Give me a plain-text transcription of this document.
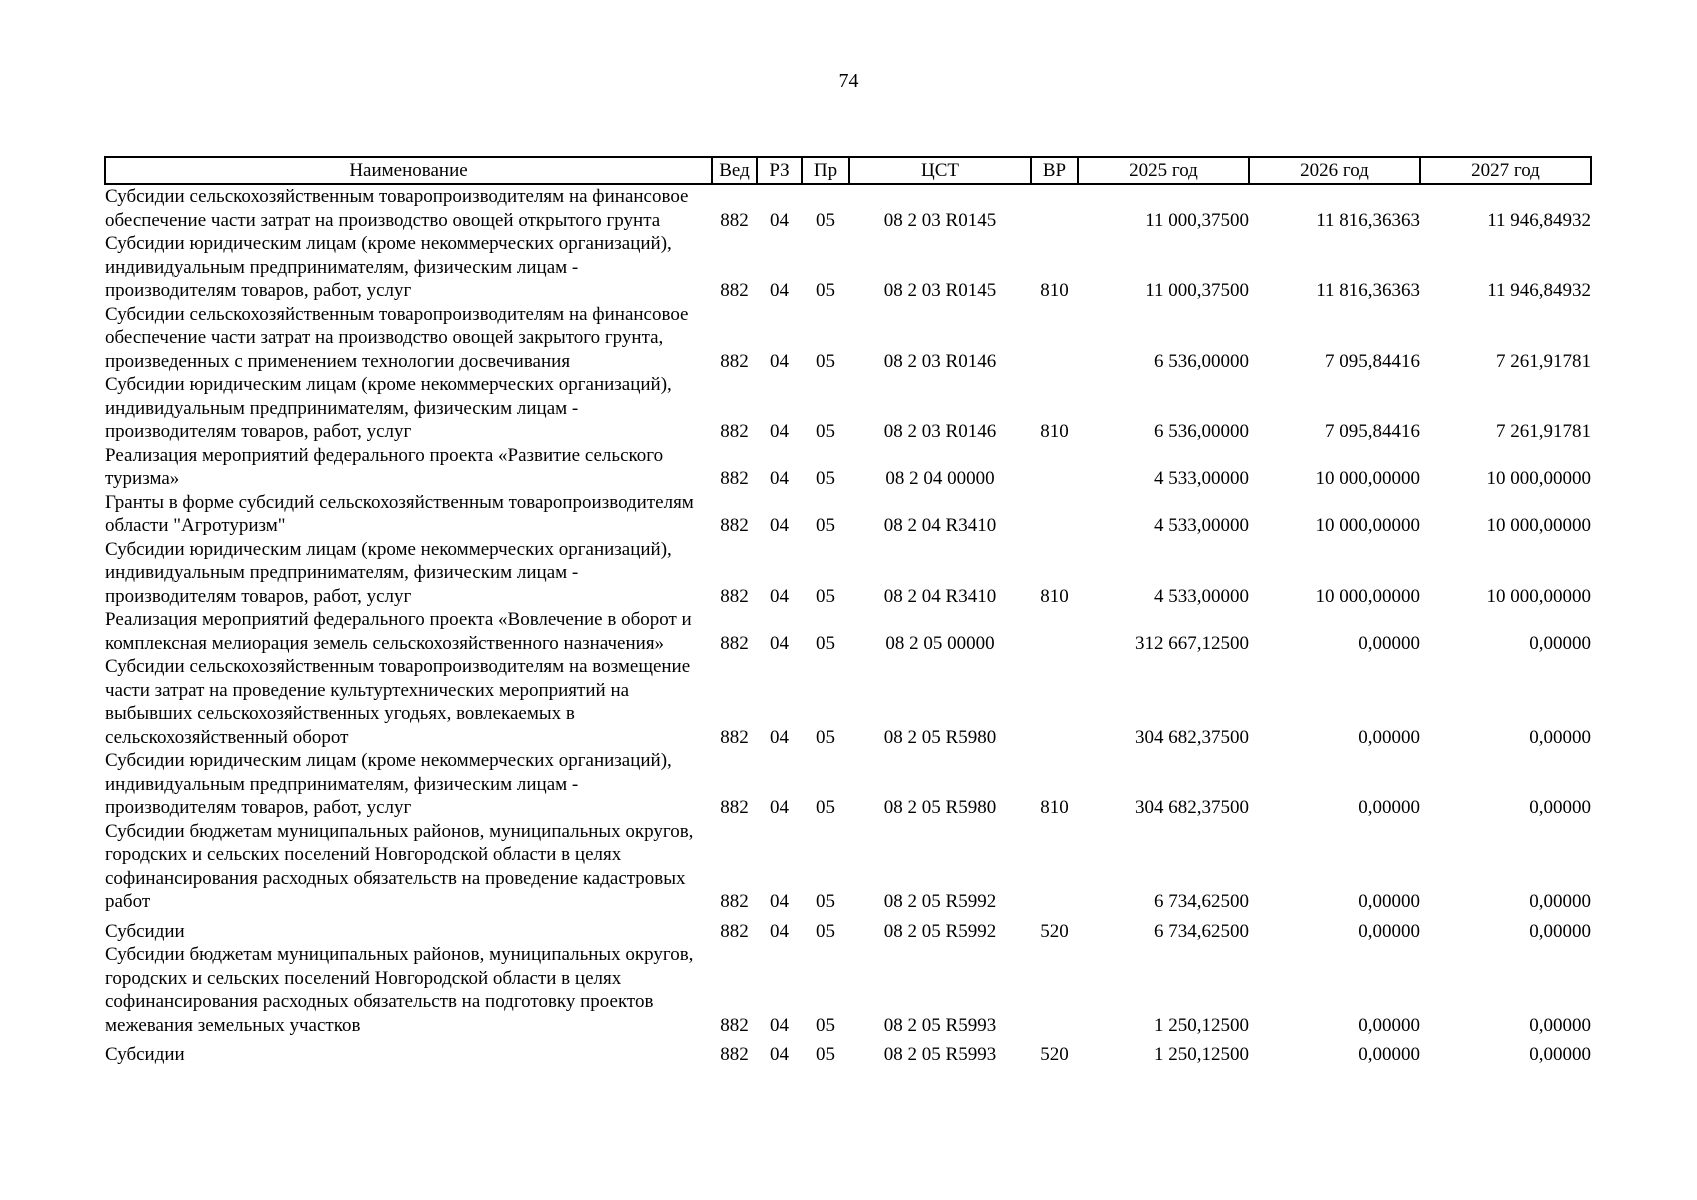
74
Наименование	Вед	РЗ	Пр	ЦСТ	ВР	2025 год	2026 год	2027 год
Субсидии сельскохозяйственным товаропроизводителям на финансовое обеспечение части затрат на производство овощей открытого грунта	882	04	05	08 2 03 R0145		11 000,37500	11 816,36363	11 946,84932
Субсидии юридическим лицам (кроме некоммерческих организаций), индивидуальным предпринимателям, физическим лицам - производителям товаров, работ, услуг	882	04	05	08 2 03 R0145	810	11 000,37500	11 816,36363	11 946,84932
Субсидии сельскохозяйственным товаропроизводителям на финансовое обеспечение части затрат на производство овощей закрытого грунта, произведенных с применением технологии досвечивания	882	04	05	08 2 03 R0146		6 536,00000	7 095,84416	7 261,91781
Субсидии юридическим лицам (кроме некоммерческих организаций), индивидуальным предпринимателям, физическим лицам - производителям товаров, работ, услуг	882	04	05	08 2 03 R0146	810	6 536,00000	7 095,84416	7 261,91781
Реализация мероприятий федерального проекта «Развитие сельского туризма»	882	04	05	08 2 04 00000		4 533,00000	10 000,00000	10 000,00000
Гранты в форме субсидий сельскохозяйственным товаропроизводителям области "Агротуризм"	882	04	05	08 2 04 R3410		4 533,00000	10 000,00000	10 000,00000
Субсидии юридическим лицам (кроме некоммерческих организаций), индивидуальным предпринимателям, физическим лицам - производителям товаров, работ, услуг	882	04	05	08 2 04 R3410	810	4 533,00000	10 000,00000	10 000,00000
Реализация мероприятий федерального проекта «Вовлечение в оборот и комплексная мелиорация земель сельскохозяйственного назначения»	882	04	05	08 2 05 00000		312 667,12500	0,00000	0,00000
Субсидии сельскохозяйственным товаропроизводителям на возмещение части затрат на проведение культуртехнических мероприятий на выбывших сельскохозяйственных угодьях, вовлекаемых в сельскохозяйственный оборот	882	04	05	08 2 05 R5980		304 682,37500	0,00000	0,00000
Субсидии юридическим лицам (кроме некоммерческих организаций), индивидуальным предпринимателям, физическим лицам - производителям товаров, работ, услуг	882	04	05	08 2 05 R5980	810	304 682,37500	0,00000	0,00000
Субсидии бюджетам муниципальных районов, муниципальных округов, городских и сельских поселений Новгородской области в целях софинансирования расходных обязательств на проведение кадастровых работ	882	04	05	08 2 05 R5992		6 734,62500	0,00000	0,00000
Субсидии	882	04	05	08 2 05 R5992	520	6 734,62500	0,00000	0,00000
Субсидии бюджетам муниципальных районов, муниципальных округов, городских и сельских поселений Новгородской области в целях софинансирования расходных обязательств на подготовку проектов межевания земельных участков	882	04	05	08 2 05 R5993		1 250,12500	0,00000	0,00000
Субсидии	882	04	05	08 2 05 R5993	520	1 250,12500	0,00000	0,00000
